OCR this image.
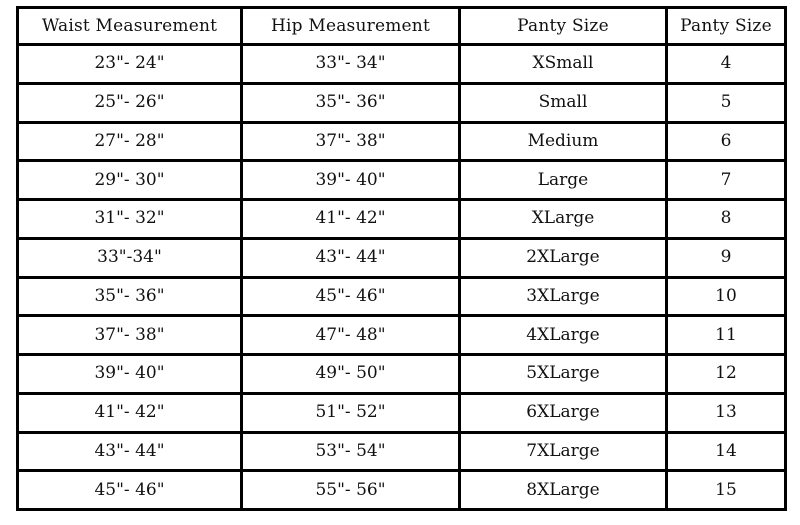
Waist Measurement	Hip Measurement	Panty Size	Panty Size
23"- 24"	33"- 34"	XSmall	4
25"- 26"	35"- 36"	Small	5
27"- 28"	37"- 38"	Medium	6
29"- 30"	39"- 40"	Large	7
31"- 32"	41"- 42"	XLarge	8
33"-34"	43"- 44"	2XLarge	9
35"- 36"	45"- 46"	3XLarge	10
37"- 38"	47"- 48"	4XLarge	11
39"- 40"	49"- 50"	5XLarge	12
41"- 42"	51"- 52"	6XLarge	13
43"- 44"	53"- 54"	7XLarge	14
45"- 46"	55"- 56"	8XLarge	15
